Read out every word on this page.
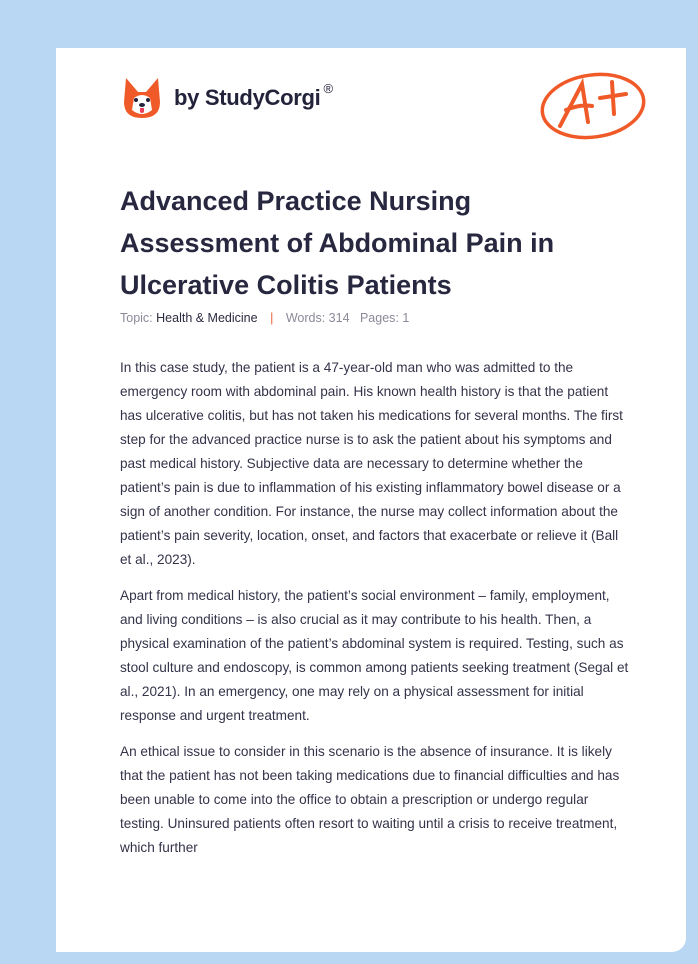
by StudyCorgi ®
Advanced Practice Nursing Assessment of Abdominal Pain in Ulcerative Colitis Patients
Topic: Health & Medicine | Words: 314 Pages: 1

In this case study, the patient is a 47-year-old man who was admitted to the emergency room with abdominal pain. His known health history is that the patient has ulcerative colitis, but has not taken his medications for several months. The first step for the advanced practice nurse is to ask the patient about his symptoms and past medical history. Subjective data are necessary to determine whether the patient’s pain is due to inflammation of his existing inflammatory bowel disease or a sign of another condition. For instance, the nurse may collect information about the patient’s pain severity, location, onset, and factors that exacerbate or relieve it (Ball et al., 2023).

Apart from medical history, the patient’s social environment – family, employment, and living conditions – is also crucial as it may contribute to his health. Then, a physical examination of the patient’s abdominal system is required. Testing, such as stool culture and endoscopy, is common among patients seeking treatment (Segal et al., 2021). In an emergency, one may rely on a physical assessment for initial response and urgent treatment.

An ethical issue to consider in this scenario is the absence of insurance. It is likely that the patient has not been taking medications due to financial difficulties and has been unable to come into the office to obtain a prescription or undergo regular testing. Uninsured patients often resort to waiting until a crisis to receive treatment, which further
